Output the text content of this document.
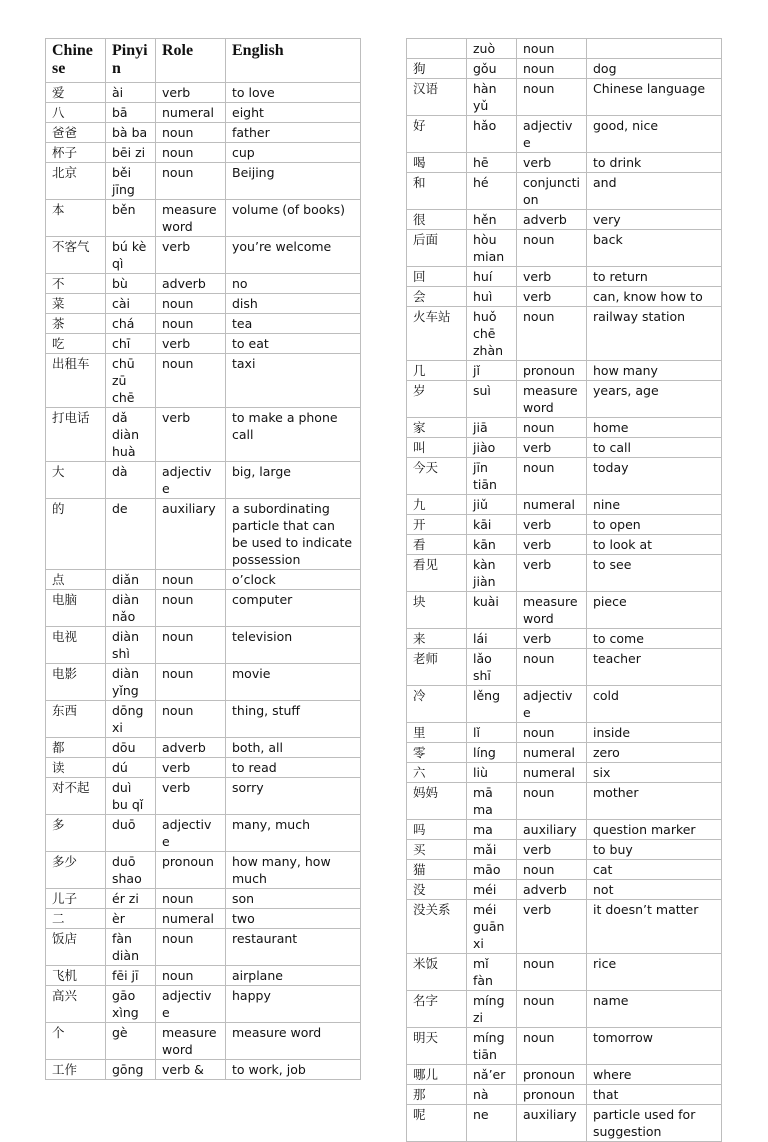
Chinese	Pinyin	Role	English
爱	ài	verb	to love
八	bā	numeral	eight
爸爸	bà ba	noun	father
杯子	bēi zi	noun	cup
北京	běi jīng	noun	Beijing
本	běn	measure word	volume (of books)
不客气	bú kè qì	verb	you’re welcome
不	bù	adverb	no
菜	cài	noun	dish
茶	chá	noun	tea
吃	chī	verb	to eat
出租车	chū zū chē	noun	taxi
打电话	dǎ diàn huà	verb	to make a phone call
大	dà	adjective	big, large
的	de	auxiliary	a subordinating particle that can be used to indicate possession
点	diǎn	noun	o’clock
电脑	diàn nǎo	noun	computer
电视	diàn shì	noun	television
电影	diàn yǐng	noun	movie
东西	dōng xi	noun	thing, stuff
都	dōu	adverb	both, all
读	dú	verb	to read
对不起	duì bu qǐ	verb	sorry
多	duō	adjective	many, much
多少	duō shao	pronoun	how many, how much
儿子	ér zi	noun	son
二	èr	numeral	two
饭店	fàn diàn	noun	restaurant
飞机	fēi jī	noun	airplane
高兴	gāo xìng	adjective	happy
个	gè	measure word	measure word
工作	gōng	verb &	to work, job
	zuò	noun	
狗	gǒu	noun	dog
汉语	hàn yǔ	noun	Chinese language
好	hǎo	adjective	good, nice
喝	hē	verb	to drink
和	hé	conjunction	and
很	hěn	adverb	very
后面	hòu mian	noun	back
回	huí	verb	to return
会	huì	verb	can, know how to
火车站	huǒ chē zhàn	noun	railway station
几	jǐ	pronoun	how many
岁	suì	measure word	years, age
家	jiā	noun	home
叫	jiào	verb	to call
今天	jīn tiān	noun	today
九	jiǔ	numeral	nine
开	kāi	verb	to open
看	kān	verb	to look at
看见	kàn jiàn	verb	to see
块	kuài	measure word	piece
来	lái	verb	to come
老师	lǎo shī	noun	teacher
冷	lěng	adjective	cold
里	lǐ	noun	inside
零	líng	numeral	zero
六	liù	numeral	six
妈妈	mā ma	noun	mother
吗	ma	auxiliary	question marker
买	mǎi	verb	to buy
猫	māo	noun	cat
没	méi	adverb	not
没关系	méi guān xi	verb	it doesn’t matter
米饭	mǐ fàn	noun	rice
名字	míng zi	noun	name
明天	míng tiān	noun	tomorrow
哪儿	nǎ’er	pronoun	where
那	nà	pronoun	that
呢	ne	auxiliary	particle used for suggestion
